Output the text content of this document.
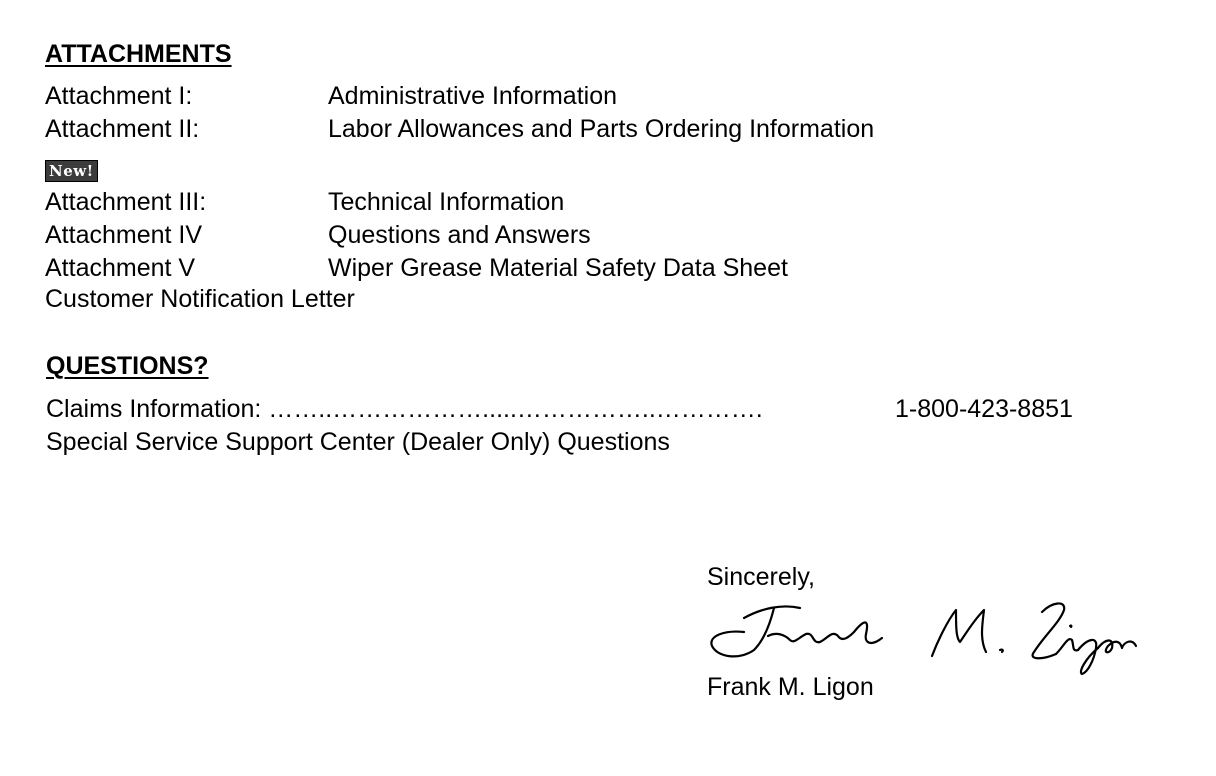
ATTACHMENTS
Attachment I:	Administrative Information
Attachment II:	Labor Allowances and Parts Ordering Information
New!
Attachment III:	Technical Information
Attachment IV	Questions and Answers
Attachment V	Wiper Grease Material Safety Data Sheet
Customer Notification Letter
QUESTIONS?
Claims Information: ……..……………….....……………..………….	1-800-423-8851
Special Service Support Center (Dealer Only) Questions
Sincerely,
Frank M. Ligon
